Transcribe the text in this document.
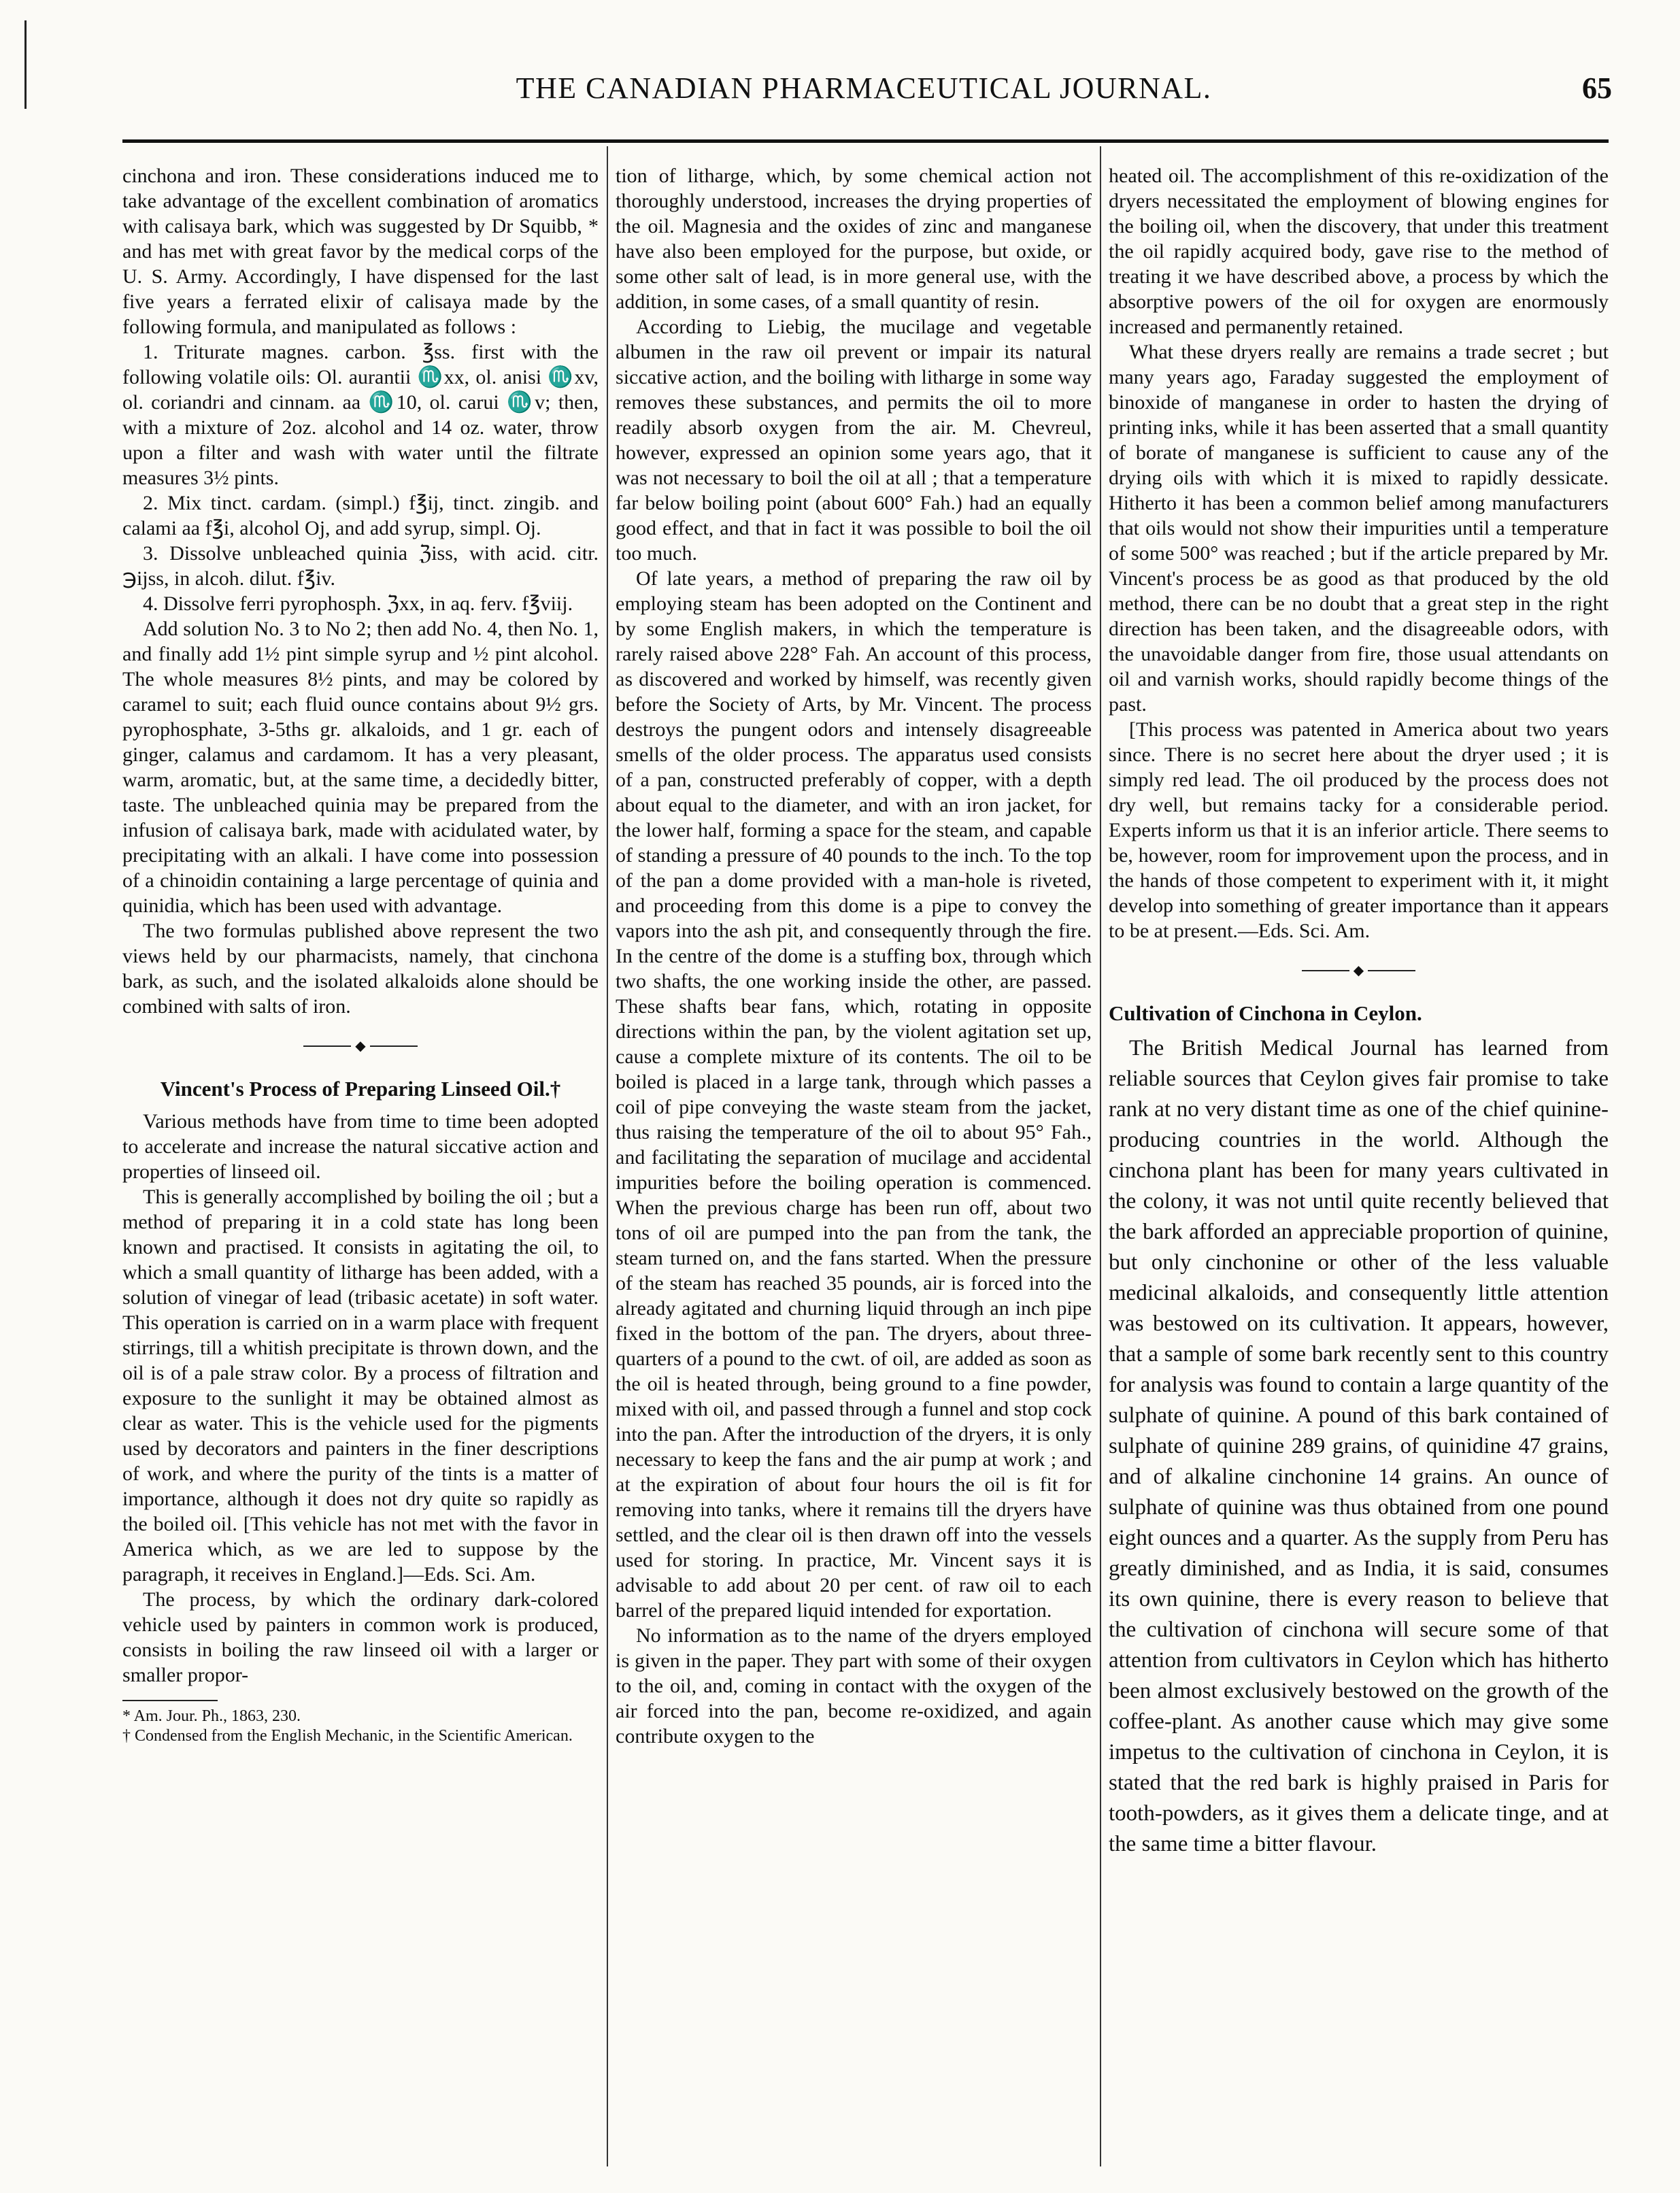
THE CANADIAN PHARMACEUTICAL JOURNAL.	65

cinchona and iron. These considerations induced me to take advantage of the excellent combination of aromatics with calisaya bark, which was suggested by Dr Squibb, * and has met with great favor by the medical corps of the U. S. Army. Accordingly, I have dispensed for the last five years a ferrated elixir of calisaya made by the following formula, and manipulated as follows :

1. Triturate magnes. carbon. ℥ss. first with the following volatile oils: Ol. aurantii ♏xx, ol. anisi ♏xv, ol. coriandri and cinnam. aa ♏10, ol. carui ♏v; then, with a mixture of 2oz. alcohol and 14 oz. water, throw upon a filter and wash with water until the filtrate measures 3½ pints.

2. Mix tinct. cardam. (simpl.) f℥ij, tinct. zingib. and calami aa f℥i, alcohol Oj, and add syrup, simpl. Oj.

3. Dissolve unbleached quinia ℨiss, with acid. citr. ℈ijss, in alcoh. dilut. f℥iv.

4. Dissolve ferri pyrophosph. ℨxx, in aq. ferv. f℥viij.

Add solution No. 3 to No 2; then add No. 4, then No. 1, and finally add 1½ pint simple syrup and ½ pint alcohol. The whole measures 8½ pints, and may be colored by caramel to suit; each fluid ounce contains about 9½ grs. pyrophosphate, 3-5ths gr. alkaloids, and 1 gr. each of ginger, calamus and cardamom. It has a very pleasant, warm, aromatic, but, at the same time, a decidedly bitter, taste. The unbleached quinia may be prepared from the infusion of calisaya bark, made with acidulated water, by precipitating with an alkali. I have come into possession of a chinoidin containing a large percentage of quinia and quinidia, which has been used with advantage.

The two formulas published above represent the two views held by our pharmacists, namely, that cinchona bark, as such, and the isolated alkaloids alone should be combined with salts of iron.

◆
Vincent's Process of Preparing Linseed Oil.†

Various methods have from time to time been adopted to accelerate and increase the natural siccative action and properties of linseed oil.

This is generally accomplished by boiling the oil ; but a method of preparing it in a cold state has long been known and practised. It consists in agitating the oil, to which a small quantity of litharge has been added, with a solution of vinegar of lead (tribasic acetate) in soft water. This operation is carried on in a warm place with frequent stirrings, till a whitish precipitate is thrown down, and the oil is of a pale straw color. By a process of filtration and exposure to the sunlight it may be obtained almost as clear as water. This is the vehicle used for the pigments used by decorators and painters in the finer descriptions of work, and where the purity of the tints is a matter of importance, although it does not dry quite so rapidly as the boiled oil. [This vehicle has not met with the favor in America which, as we are led to suppose by the paragraph, it receives in England.]—Eds. Sci. Am.

The process, by which the ordinary dark-colored vehicle used by painters in common work is produced, consists in boiling the raw linseed oil with a larger or smaller propor-

* Am. Jour. Ph., 1863, 230.

† Condensed from the English Mechanic, in the Scientific American.

tion of litharge, which, by some chemical action not thoroughly understood, increases the drying properties of the oil. Magnesia and the oxides of zinc and manganese have also been employed for the purpose, but oxide, or some other salt of lead, is in more general use, with the addition, in some cases, of a small quantity of resin.

According to Liebig, the mucilage and vegetable albumen in the raw oil prevent or impair its natural siccative action, and the boiling with litharge in some way removes these substances, and permits the oil to more readily absorb oxygen from the air. M. Chevreul, however, expressed an opinion some years ago, that it was not necessary to boil the oil at all ; that a temperature far below boiling point (about 600° Fah.) had an equally good effect, and that in fact it was possible to boil the oil too much.

Of late years, a method of preparing the raw oil by employing steam has been adopted on the Continent and by some English makers, in which the temperature is rarely raised above 228° Fah. An account of this process, as discovered and worked by himself, was recently given before the Society of Arts, by Mr. Vincent. The process destroys the pungent odors and intensely disagreeable smells of the older process. The apparatus used consists of a pan, constructed preferably of copper, with a depth about equal to the diameter, and with an iron jacket, for the lower half, forming a space for the steam, and capable of standing a pressure of 40 pounds to the inch. To the top of the pan a dome provided with a man-hole is riveted, and proceeding from this dome is a pipe to convey the vapors into the ash pit, and consequently through the fire. In the centre of the dome is a stuffing box, through which two shafts, the one working inside the other, are passed. These shafts bear fans, which, rotating in opposite directions within the pan, by the violent agitation set up, cause a complete mixture of its contents. The oil to be boiled is placed in a large tank, through which passes a coil of pipe conveying the waste steam from the jacket, thus raising the temperature of the oil to about 95° Fah., and facilitating the separation of mucilage and accidental impurities before the boiling operation is commenced. When the previous charge has been run off, about two tons of oil are pumped into the pan from the tank, the steam turned on, and the fans started. When the pressure of the steam has reached 35 pounds, air is forced into the already agitated and churning liquid through an inch pipe fixed in the bottom of the pan. The dryers, about three-quarters of a pound to the cwt. of oil, are added as soon as the oil is heated through, being ground to a fine powder, mixed with oil, and passed through a funnel and stop cock into the pan. After the introduction of the dryers, it is only necessary to keep the fans and the air pump at work ; and at the expiration of about four hours the oil is fit for removing into tanks, where it remains till the dryers have settled, and the clear oil is then drawn off into the vessels used for storing. In practice, Mr. Vincent says it is advisable to add about 20 per cent. of raw oil to each barrel of the prepared liquid intended for exportation.

No information as to the name of the dryers employed is given in the paper. They part with some of their oxygen to the oil, and, coming in contact with the oxygen of the air forced into the pan, become re-oxidized, and again contribute oxygen to the

heated oil. The accomplishment of this re-oxidization of the dryers necessitated the employment of blowing engines for the boiling oil, when the discovery, that under this treatment the oil rapidly acquired body, gave rise to the method of treating it we have described above, a process by which the absorptive powers of the oil for oxygen are enormously increased and permanently retained.

What these dryers really are remains a trade secret ; but many years ago, Faraday suggested the employment of binoxide of manganese in order to hasten the drying of printing inks, while it has been asserted that a small quantity of borate of manganese is sufficient to cause any of the drying oils with which it is mixed to rapidly dessicate. Hitherto it has been a common belief among manufacturers that oils would not show their impurities until a temperature of some 500° was reached ; but if the article prepared by Mr. Vincent's process be as good as that produced by the old method, there can be no doubt that a great step in the right direction has been taken, and the disagreeable odors, with the unavoidable danger from fire, those usual attendants on oil and varnish works, should rapidly become things of the past.

[This process was patented in America about two years since. There is no secret here about the dryer used ; it is simply red lead. The oil produced by the process does not dry well, but remains tacky for a considerable period. Experts inform us that it is an inferior article. There seems to be, however, room for improvement upon the process, and in the hands of those competent to experiment with it, it might develop into something of greater importance than it appears to be at present.—Eds. Sci. Am.

◆
Cultivation of Cinchona in Ceylon.

The British Medical Journal has learned from reliable sources that Ceylon gives fair promise to take rank at no very distant time as one of the chief quinine-producing countries in the world. Although the cinchona plant has been for many years cultivated in the colony, it was not until quite recently believed that the bark afforded an appreciable proportion of quinine, but only cinchonine or other of the less valuable medicinal alkaloids, and consequently little attention was bestowed on its cultivation. It appears, however, that a sample of some bark recently sent to this country for analysis was found to contain a large quantity of the sulphate of quinine. A pound of this bark contained of sulphate of quinine 289 grains, of quinidine 47 grains, and of alkaline cinchonine 14 grains. An ounce of sulphate of quinine was thus obtained from one pound eight ounces and a quarter. As the supply from Peru has greatly diminished, and as India, it is said, consumes its own quinine, there is every reason to believe that the cultivation of cinchona will secure some of that attention from cultivators in Ceylon which has hitherto been almost exclusively bestowed on the growth of the coffee-plant. As another cause which may give some impetus to the cultivation of cinchona in Ceylon, it is stated that the red bark is highly praised in Paris for tooth-powders, as it gives them a delicate tinge, and at the same time a bitter flavour.
